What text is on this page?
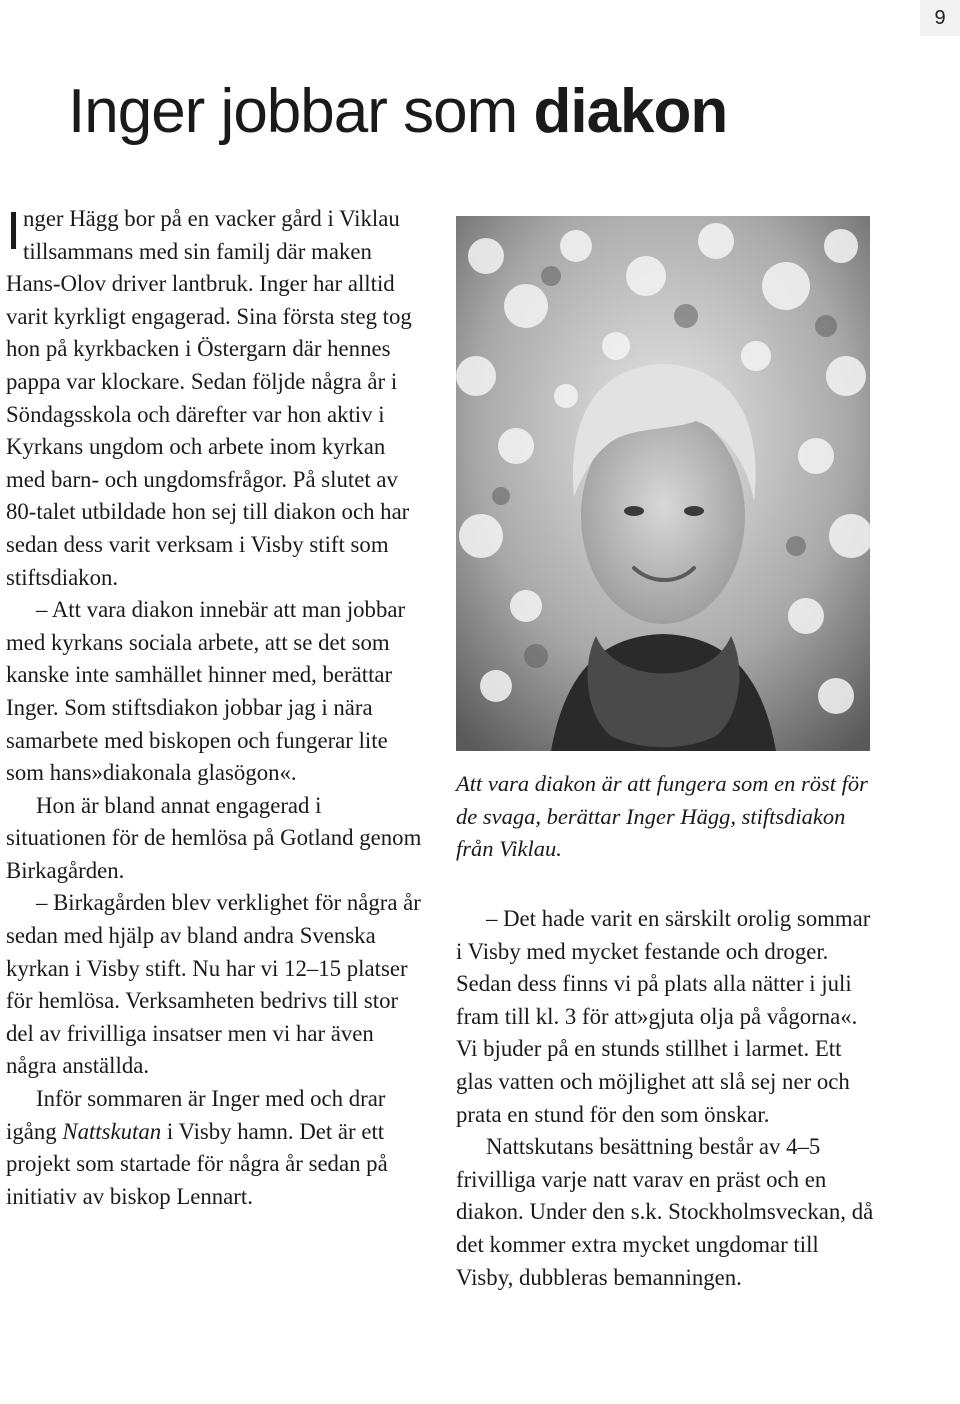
9
Inger jobbar som diakon

Inger Hägg bor på en vacker gård i Viklau tillsammans med sin familj där maken Hans-Olov driver lantbruk. Inger har alltid varit kyrkligt engagerad. Sina första steg tog hon på kyrkbacken i Östergarn där hennes pappa var klockare. Sedan följde några år i Söndagsskola och därefter var hon aktiv i Kyrkans ungdom och arbete inom kyrkan med barn- och ungdomsfrågor. På slutet av 80-talet utbildade hon sej till diakon och har sedan dess varit verksam i Visby stift som stiftsdiakon.

– Att vara diakon innebär att man jobbar med kyrkans sociala arbete, att se det som kanske inte samhället hinner med, berättar Inger. Som stiftsdiakon jobbar jag i nära samarbete med biskopen och fungerar lite som hans»diakonala glasögon«.

Hon är bland annat engagerad i situationen för de hemlösa på Gotland genom Birkagården.

– Birkagården blev verklighet för några år sedan med hjälp av bland andra Svenska kyrkan i Visby stift. Nu har vi 12–15 platser för hemlösa. Verksamheten bedrivs till stor del av frivilliga insatser men vi har även några anställda.

Inför sommaren är Inger med och drar igång Nattskutan i Visby hamn. Det är ett projekt som startade för några år sedan på initiativ av biskop Lennart.

Att vara diakon är att fungera som en röst för de svaga, berättar Inger Hägg, stiftsdiakon från Viklau.

– Det hade varit en särskilt orolig sommar i Visby med mycket festande och droger. Sedan dess finns vi på plats alla nätter i juli fram till kl. 3 för att»gjuta olja på vågorna«. Vi bjuder på en stunds stillhet i larmet. Ett glas vatten och möjlighet att slå sej ner och prata en stund för den som önskar.

Nattskutans besättning består av 4–5 frivilliga varje natt varav en präst och en diakon. Under den s.k. Stockholmsveckan, då det kommer extra mycket ungdomar till Visby, dubbleras bemanningen.
